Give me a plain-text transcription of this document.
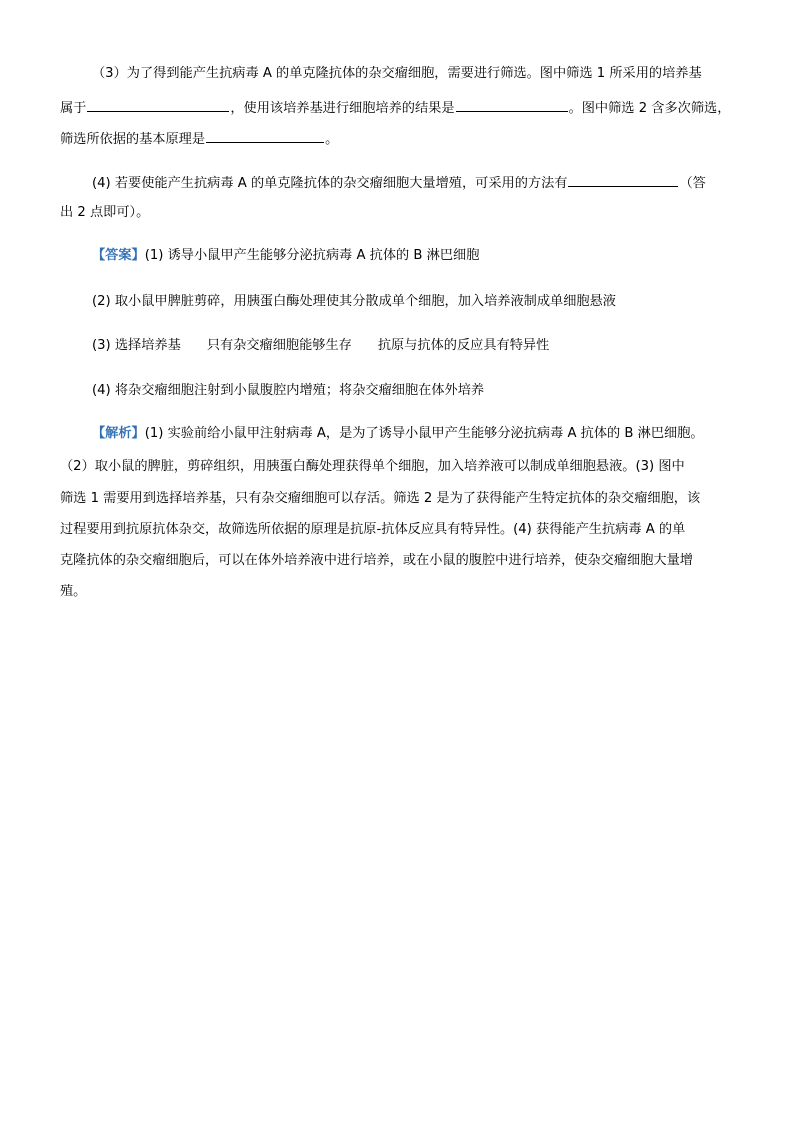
（3）为了得到能产生抗病毒 A 的单克隆抗体的杂交瘤细胞，需要进行筛选。图中筛选 1 所采用的培养基
属于	，使用该培养基进行细胞培养的结果是	。图中筛选 2 含多次筛选，
筛选所依据的基本原理是	。
(4) 若要使能产生抗病毒 A 的单克隆抗体的杂交瘤细胞大量增殖，可采用的方法有	（答
出 2 点即可）。
【答案】(1) 诱导小鼠甲产生能够分泌抗病毒 A 抗体的 B 淋巴细胞
(2) 取小鼠甲脾脏剪碎，用胰蛋白酶处理使其分散成单个细胞，加入培养液制成单细胞悬液
(3) 选择培养基 只有杂交瘤细胞能够生存 抗原与抗体的反应具有特异性
(4) 将杂交瘤细胞注射到小鼠腹腔内增殖；将杂交瘤细胞在体外培养
【解析】(1) 实验前给小鼠甲注射病毒 A，是为了诱导小鼠甲产生能够分泌抗病毒 A 抗体的 B 淋巴细胞。
（2）取小鼠的脾脏，剪碎组织，用胰蛋白酶处理获得单个细胞，加入培养液可以制成单细胞悬液。(3) 图中
筛选 1 需要用到选择培养基，只有杂交瘤细胞可以存活。筛选 2 是为了获得能产生特定抗体的杂交瘤细胞，该
过程要用到抗原抗体杂交，故筛选所依据的原理是抗原-抗体反应具有特异性。(4) 获得能产生抗病毒 A 的单
克隆抗体的杂交瘤细胞后，可以在体外培养液中进行培养，或在小鼠的腹腔中进行培养，使杂交瘤细胞大量增
殖。
